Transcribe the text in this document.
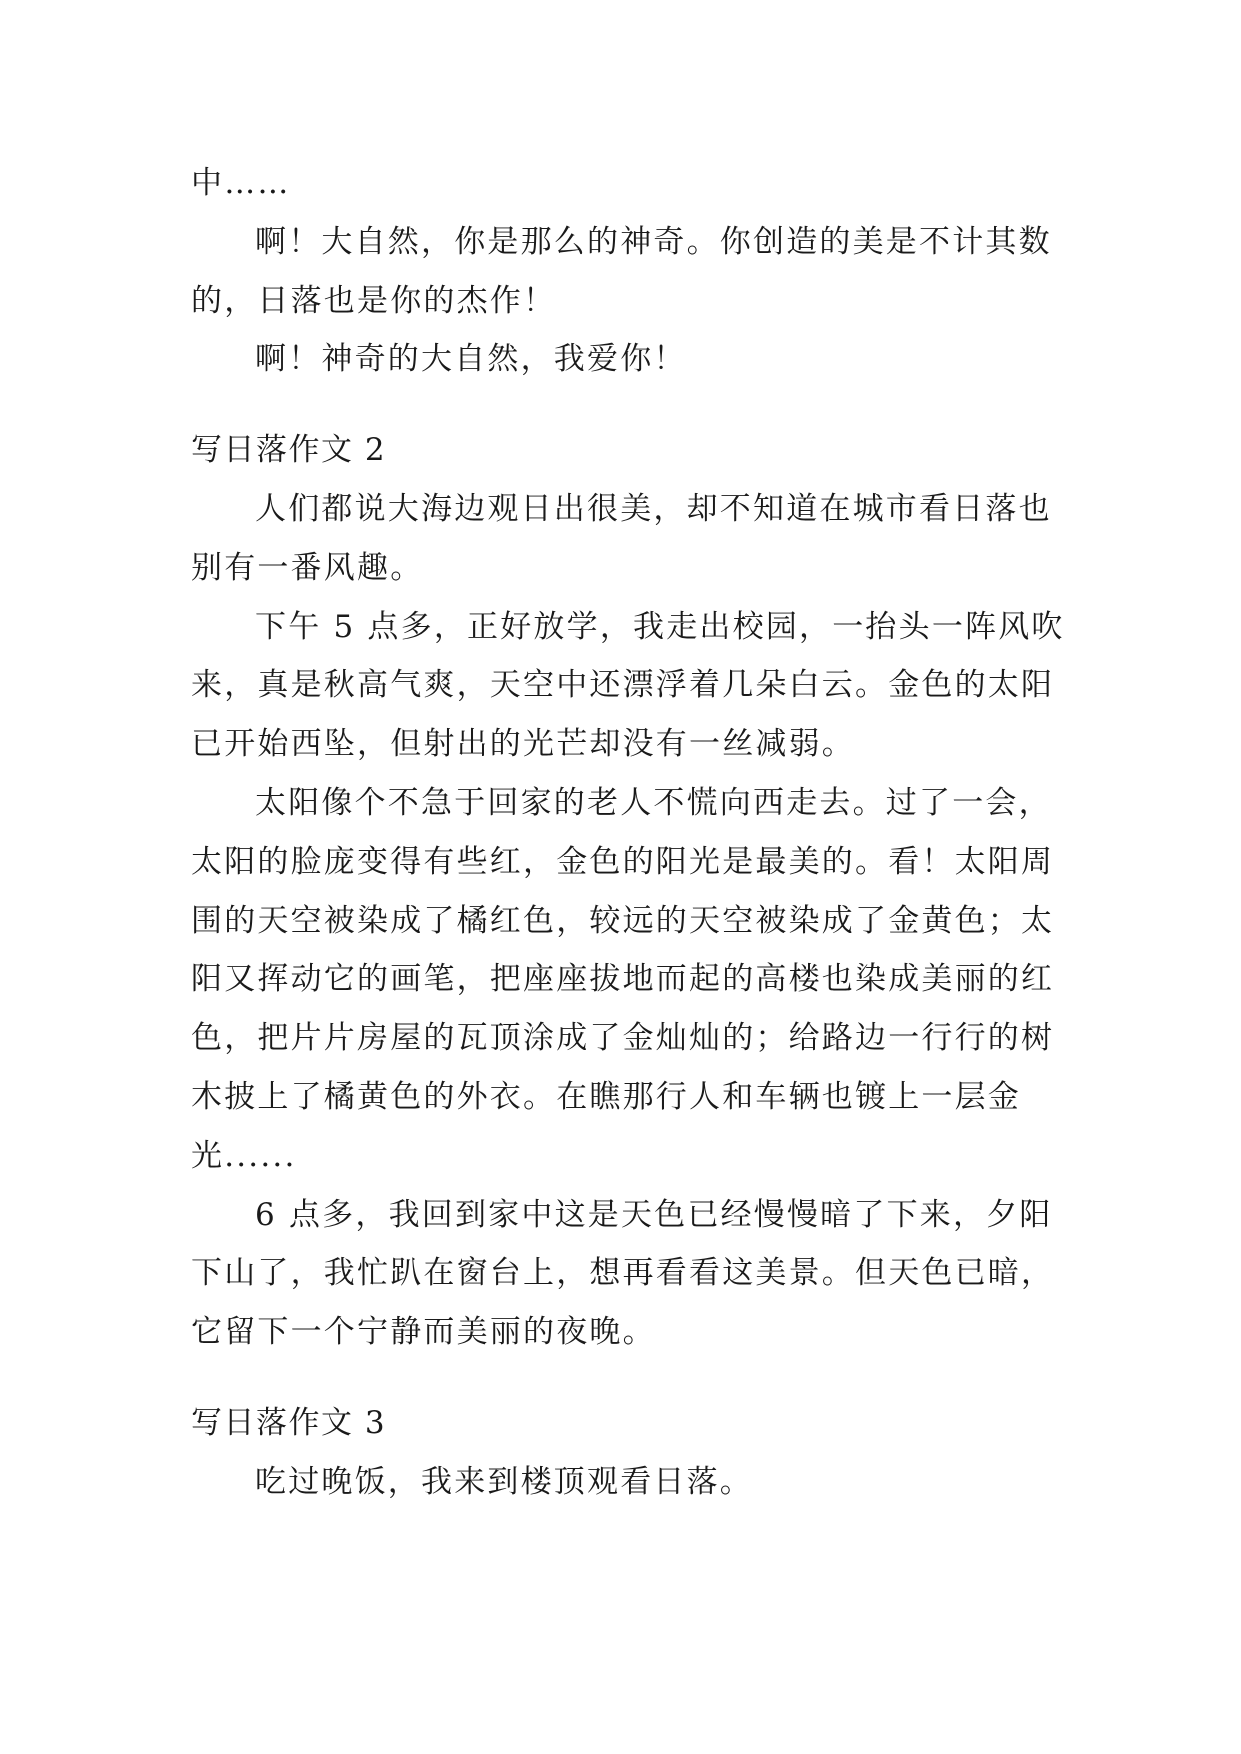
中……
啊！大自然，你是那么的神奇。你创造的美是不计其数
的，日落也是你的杰作！
啊！神奇的大自然，我爱你！
写日落作文 2
人们都说大海边观日出很美，却不知道在城市看日落也
别有一番风趣。
下午 5 点多，正好放学，我走出校园，一抬头一阵风吹
来，真是秋高气爽，天空中还漂浮着几朵白云。金色的太阳
已开始西坠，但射出的光芒却没有一丝减弱。
太阳像个不急于回家的老人不慌向西走去。过了一会，
太阳的脸庞变得有些红，金色的阳光是最美的。看！太阳周
围的天空被染成了橘红色，较远的天空被染成了金黄色；太
阳又挥动它的画笔，把座座拔地而起的高楼也染成美丽的红
色，把片片房屋的瓦顶涂成了金灿灿的；给路边一行行的树
木披上了橘黄色的外衣。在瞧那行人和车辆也镀上一层金
光......
6 点多，我回到家中这是天色已经慢慢暗了下来，夕阳
下山了，我忙趴在窗台上，想再看看这美景。但天色已暗，
它留下一个宁静而美丽的夜晚。
写日落作文 3
吃过晚饭，我来到楼顶观看日落。
